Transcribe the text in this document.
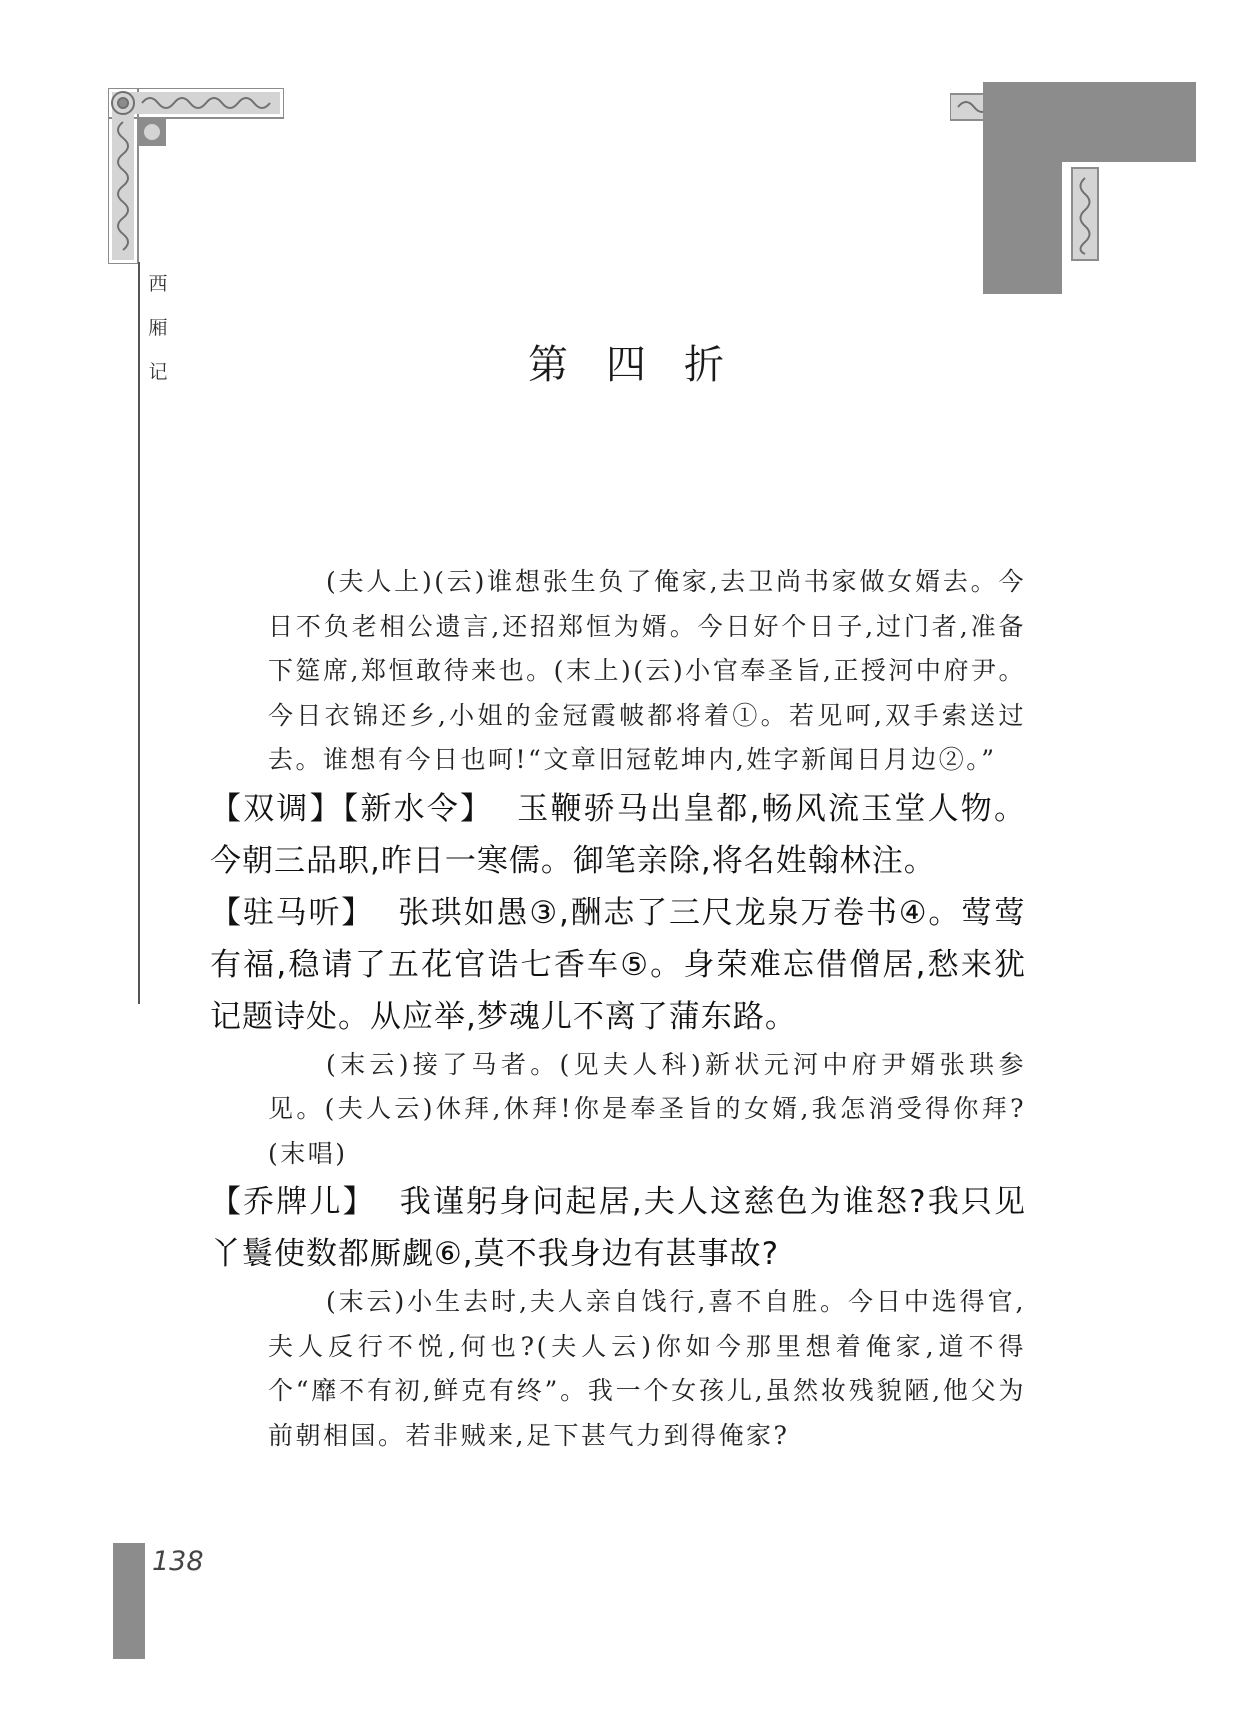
西
厢
记	第四折

(夫人上)(云)谁想张生负了俺家,去卫尚书家做女婿去。今日不负老相公遗言,还招郑恒为婿。今日好个日子,过门者,准备下筵席,郑恒敢待来也。(末上)(云)小官奉圣旨,正授河中府尹。今日衣锦还乡,小姐的金冠霞帔都将着①。若见呵,双手索送过去。谁想有今日也呵!“文章旧冠乾坤内,姓字新闻日月边②。”

【双调】【新水令】 玉鞭骄马出皇都,畅风流玉堂人物。今朝三品职,昨日一寒儒。御笔亲除,将名姓翰林注。

【驻马听】 张珙如愚③,酬志了三尺龙泉万卷书④。莺莺有福,稳请了五花官诰七香车⑤。身荣难忘借僧居,愁来犹记题诗处。从应举,梦魂儿不离了蒲东路。

(末云)接了马者。(见夫人科)新状元河中府尹婿张珙参见。(夫人云)休拜,休拜!你是奉圣旨的女婿,我怎消受得你拜?(末唱)

【乔牌儿】 我谨躬身问起居,夫人这慈色为谁怒?我只见丫鬟使数都厮觑⑥,莫不我身边有甚事故?

(末云)小生去时,夫人亲自饯行,喜不自胜。今日中选得官,夫人反行不悦,何也?(夫人云)你如今那里想着俺家,道不得个“靡不有初,鲜克有终”。我一个女孩儿,虽然妆残貌陋,他父为前朝相国。若非贼来,足下甚气力到得俺家?

138
